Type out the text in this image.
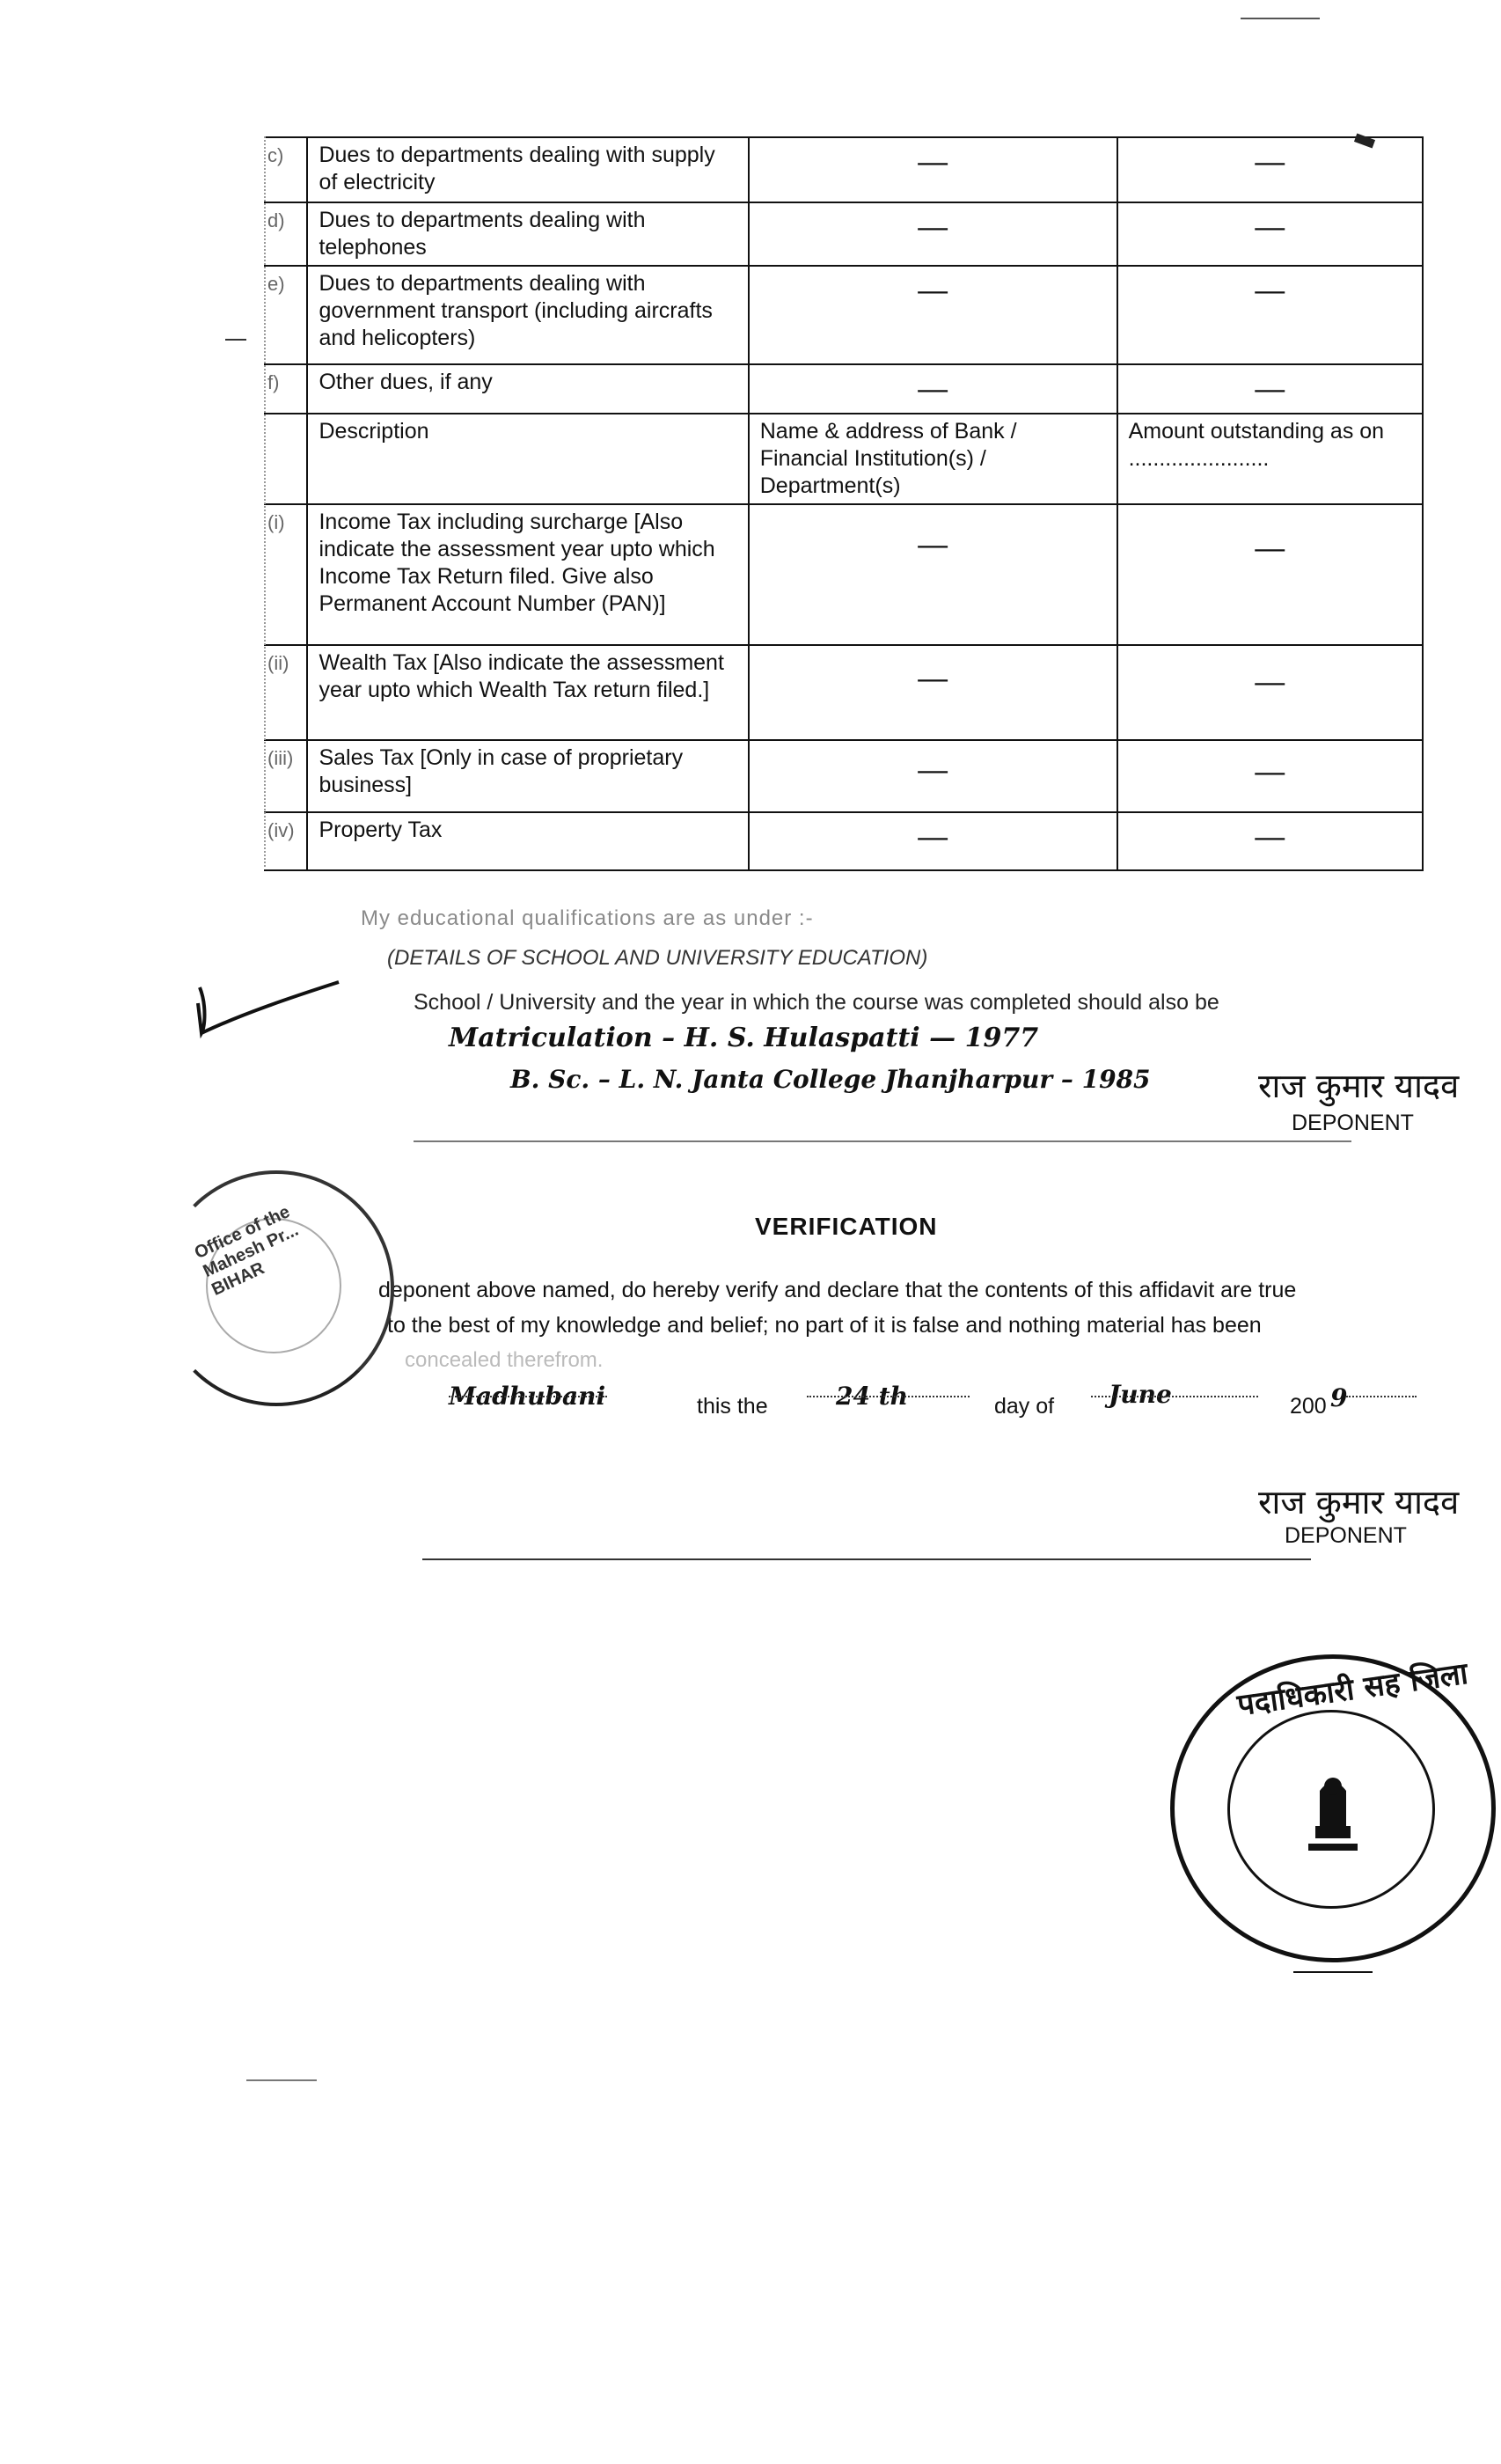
c)	Dues to departments dealing with supply of electricity	—	—
d)	Dues to departments dealing with telephones	—	—
e)	Dues to departments dealing with government transport (including aircrafts and helicopters)	—	—
f)	Other dues, if any	—	—
	Description	Name & address of Bank / Financial Institution(s) / Department(s)	Amount outstanding as on .......................
(i)	Income Tax including surcharge [Also indicate the assessment year upto which Income Tax Return filed. Give also Permanent Account Number (PAN)]	—	—
(ii)	Wealth Tax [Also indicate the assessment year upto which Wealth Tax return filed.]	—	—
(iii)	Sales Tax [Only in case of proprietary business]	—	—
(iv)	Property Tax	—	—
My educational qualifications are as under :-
(DETAILS OF SCHOOL AND UNIVERSITY EDUCATION)
School / University and the year in which the course was completed should also be
Matriculation – H. S. Hulaspatti — 1977
B. Sc. – L. N. Janta College Jhanjharpur – 1985	राज कुमार यादव
DEPONENT
VERIFICATION
deponent above named, do hereby verify and declare that the contents of this affidavit are true
to the best of my knowledge and belief; no part of it is false and nothing material has been
concealed therefrom.
Madhubani	this the	24 th	day of June	200 9
राज कुमार यादव
DEPONENT
Office of the Mahesh Pr... BIHAR
पदाधिकारी सह जिला
